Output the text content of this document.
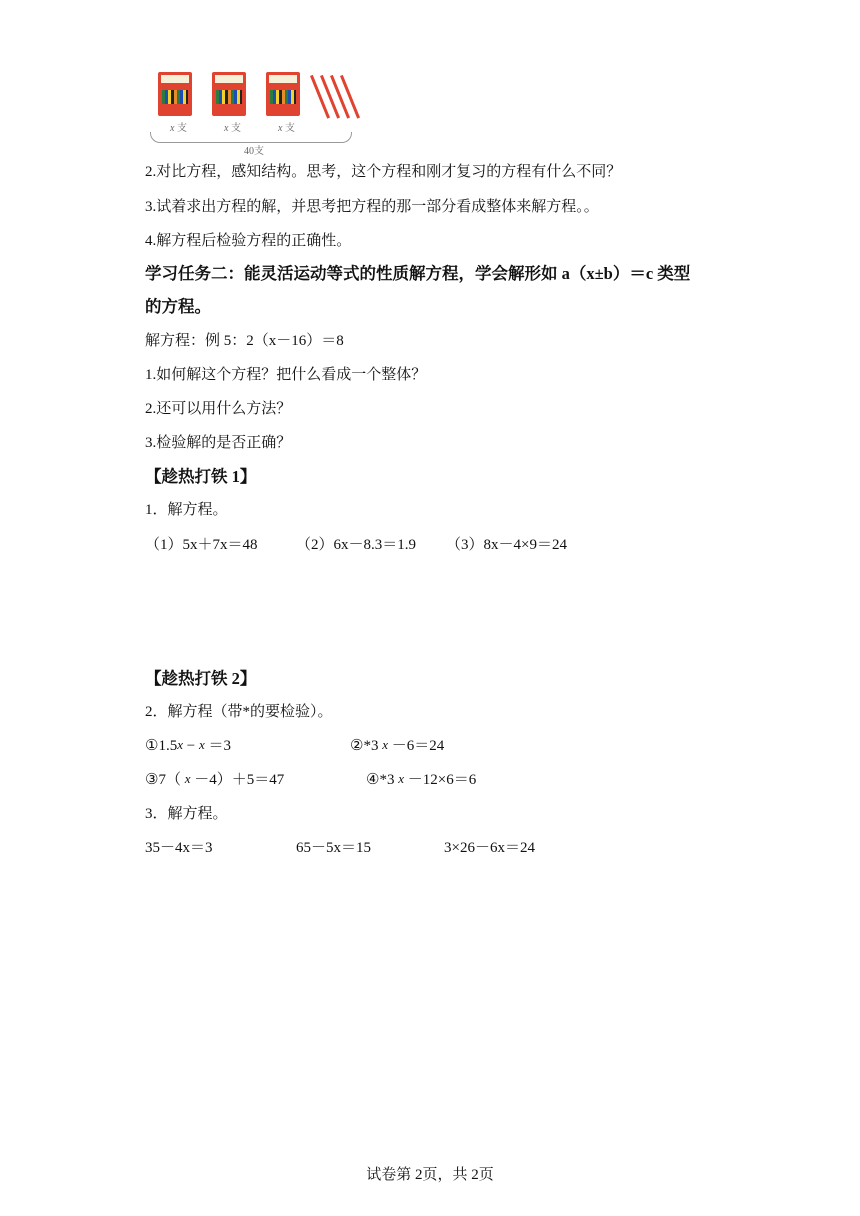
x 支	x 支	x 支
40支
2.对比方程，感知结构。思考，这个方程和刚才复习的方程有什么不同？
3.试着求出方程的解，并思考把方程的那一部分看成整体来解方程。。
4.解方程后检验方程的正确性。
学习任务二：能灵活运动等式的性质解方程，学会解形如 a（x±b）＝c 类型
的方程。
解方程：例 5：2（x－16）＝8
1.如何解这个方程？把什么看成一个整体？
2.还可以用什么方法？
3.检验解的是否正确？
【趁热打铁 1】
1．解方程。
（1）5x＋7x＝48	（2）6x－8.3＝1.9 （3）8x－4×9＝24
【趁热打铁 2】
2．解方程（带*的要检验）。
①1.5x − x ＝3	②*3 x －6＝24
③7（ x －4）＋5＝47	④*3 x －12×6＝6
3．解方程。
35－4x＝3	65－5x＝15	3×26－6x＝24
试卷第 2页，共 2页
